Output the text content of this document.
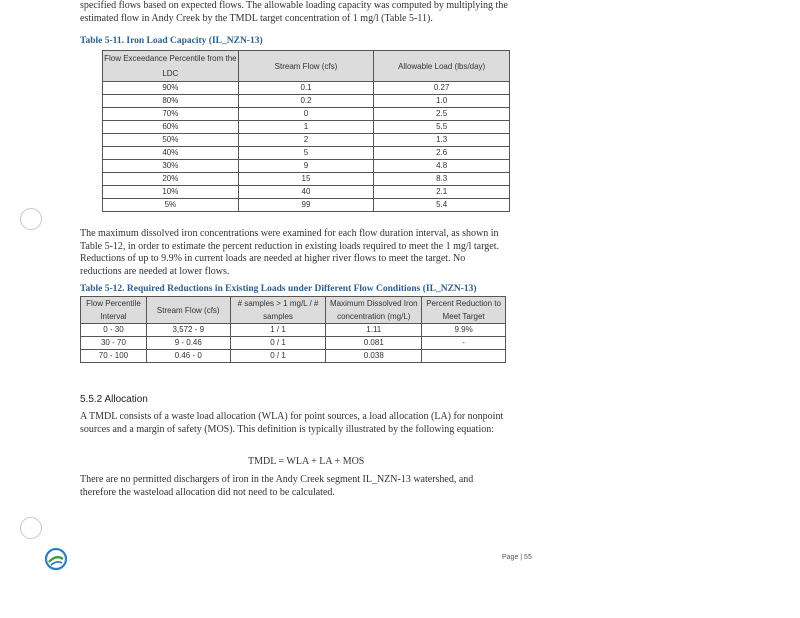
specified flows based on expected flows. The allowable loading capacity was computed by multiplying the
estimated flow in Andy Creek by the TMDL target concentration of 1 mg/l (Table 5-11).
Table 5-11. Iron Load Capacity (IL_NZN-13)
Flow Exceedance Percentile from the LDC	Stream Flow (cfs)	Allowable Load (lbs/day)
90%	0.1	0.27
80%	0.2	1.0
70%	0	2.5
60%	1	5.5
50%	2	1.3
40%	5	2.6
30%	9	4.8
20%	15	8.3
10%	40	2.1
5%	99	5.4
The maximum dissolved iron concentrations were examined for each flow duration interval, as shown in
Table 5-12, in order to estimate the percent reduction in existing loads required to meet the 1 mg/l target.
Reductions of up to 9.9% in current loads are needed at higher river flows to meet the target. No
reductions are needed at lower flows.
Table 5-12. Required Reductions in Existing Loads under Different Flow Conditions (IL_NZN-13)
Flow Percentile Interval	Stream Flow (cfs)	# samples > 1 mg/L / # samples	Maximum Dissolved Iron concentration (mg/L)	Percent Reduction to Meet Target
0 - 30	3,572 - 9	1 / 1	1.11	9.9%
30 - 70	9 - 0.46	0 / 1	0.081	-
70 - 100	0.46 - 0	0 / 1	0.038	
5.5.2 Allocation
A TMDL consists of a waste load allocation (WLA) for point sources, a load allocation (LA) for nonpoint
sources and a margin of safety (MOS). This definition is typically illustrated by the following equation:
TMDL = WLA + LA + MOS
There are no permitted dischargers of iron in the Andy Creek segment IL_NZN-13 watershed, and
therefore the wasteload allocation did not need to be calculated.
Page | 55
